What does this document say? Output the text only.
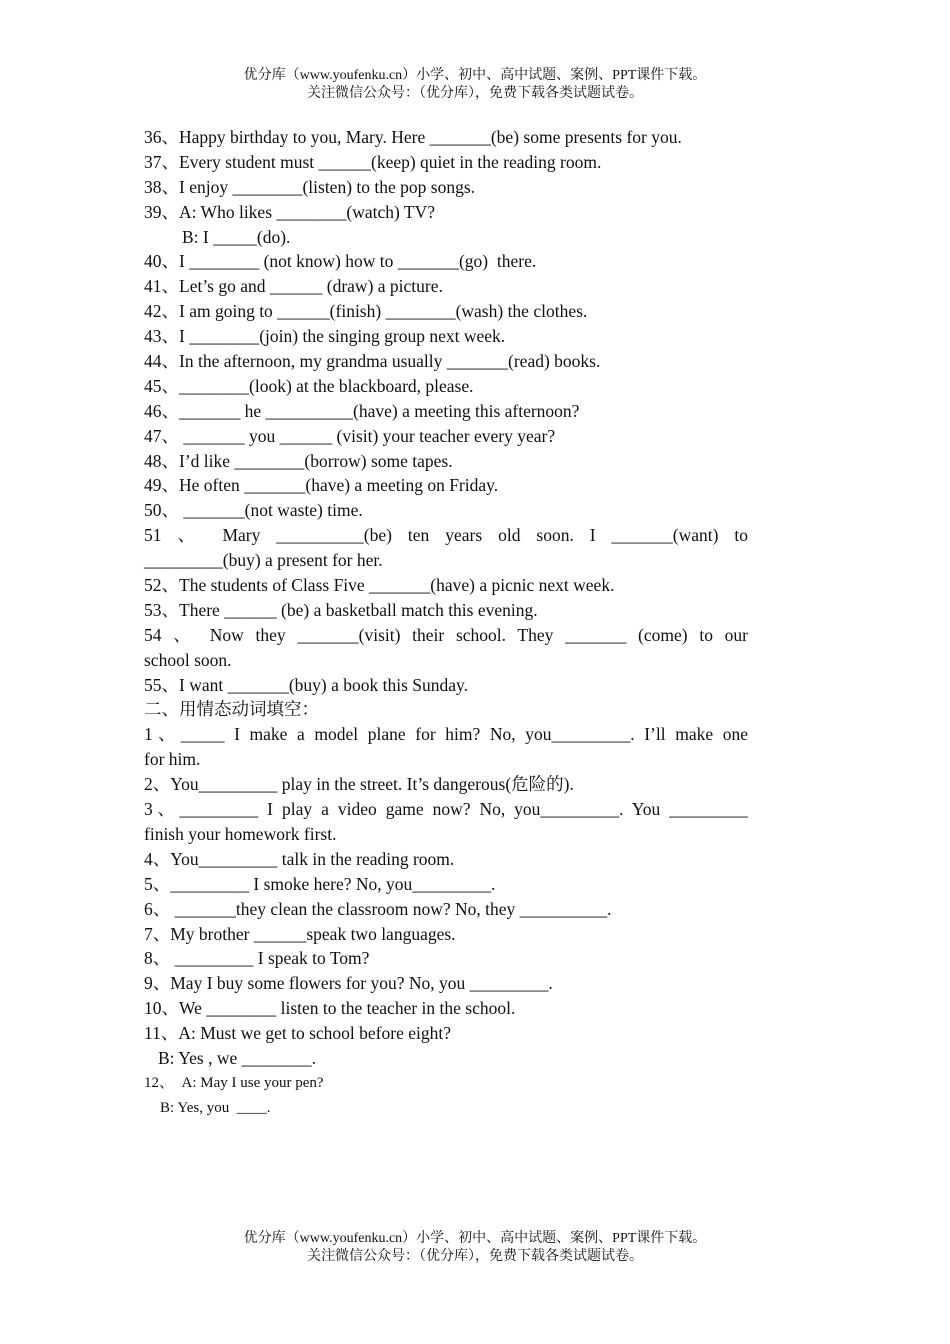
优分库（www.youfenku.cn）小学、初中、高中试题、案例、PPT课件下载。
关注微信公众号：（优分库），免费下载各类试题试卷。
36、Happy birthday to you, Mary. Here _______(be) some presents for you.
37、Every student must ______(keep) quiet in the reading room.
38、I enjoy ________(listen) to the pop songs.
39、A: Who likes ________(watch) TV?
B: I _____(do).
40、I ________ (not know) how to _______(go)  there.
41、Let’s go and ______ (draw) a picture.
42、I am going to ______(finish) ________(wash) the clothes.
43、I ________(join) the singing group next week.
44、In the afternoon, my grandma usually _______(read) books.
45、________(look) at the blackboard, please.
46、_______ he __________(have) a meeting this afternoon?
47、 _______ you ______ (visit) your teacher every year?
48、I’d like ________(borrow) some tapes.
49、He often _______(have) a meeting on Friday.
50、 _______(not waste) time.
51 、 Mary __________(be) ten years old soon. I _______(want) to
_________(buy) a present for her.
52、The students of Class Five _______(have) a picnic next week.
53、There ______ (be) a basketball match this evening.
54 、 Now they _______(visit) their school. They _______ (come) to our
school soon.
55、I want _______(buy) a book this Sunday.
二、用情态动词填空：
1、_____ I make a model plane for him? No, you_________. I’ll make one
for him.
2、You_________ play in the street. It’s dangerous(危险的).
3、_________ I play a video game now? No, you_________. You _________
finish your homework first.
4、You_________ talk in the reading room.
5、_________ I smoke here? No, you_________.
6、 _______they clean the classroom now? No, they __________.
7、My brother ______speak two languages.
8、 _________ I speak to Tom?
9、May I buy some flowers for you? No, you _________.
10、We ________ listen to the teacher in the school.
11、A: Must we get to school before eight?
B: Yes , we ________.
12、  A: May I use your pen?
B: Yes, you  ____.
优分库（www.youfenku.cn）小学、初中、高中试题、案例、PPT课件下载。
关注微信公众号：（优分库），免费下载各类试题试卷。
